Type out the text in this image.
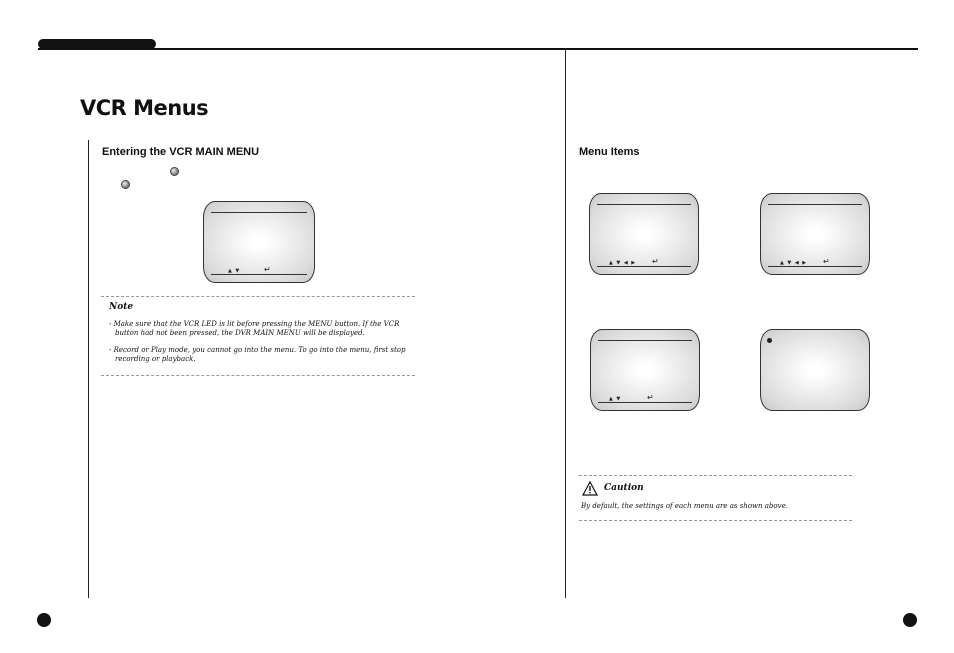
VCR Menus
Entering the VCR MAIN MENU
▲ ▼	↵
Note
- Make sure that the VCR LED is lit before pressing the MENU button. If the VCR
button had not been pressed, the DVR MAIN MENU will be displayed.
- Record or Play mode, you cannot go into the menu. To go into the menu, first stop
recording or playback.
Menu Items
▲ ▼ ◀ ▶ ↵	▲ ▼ ◀ ▶ ↵
▲ ▼	↵
Caution
By default, the settings of each menu are as shown above.
